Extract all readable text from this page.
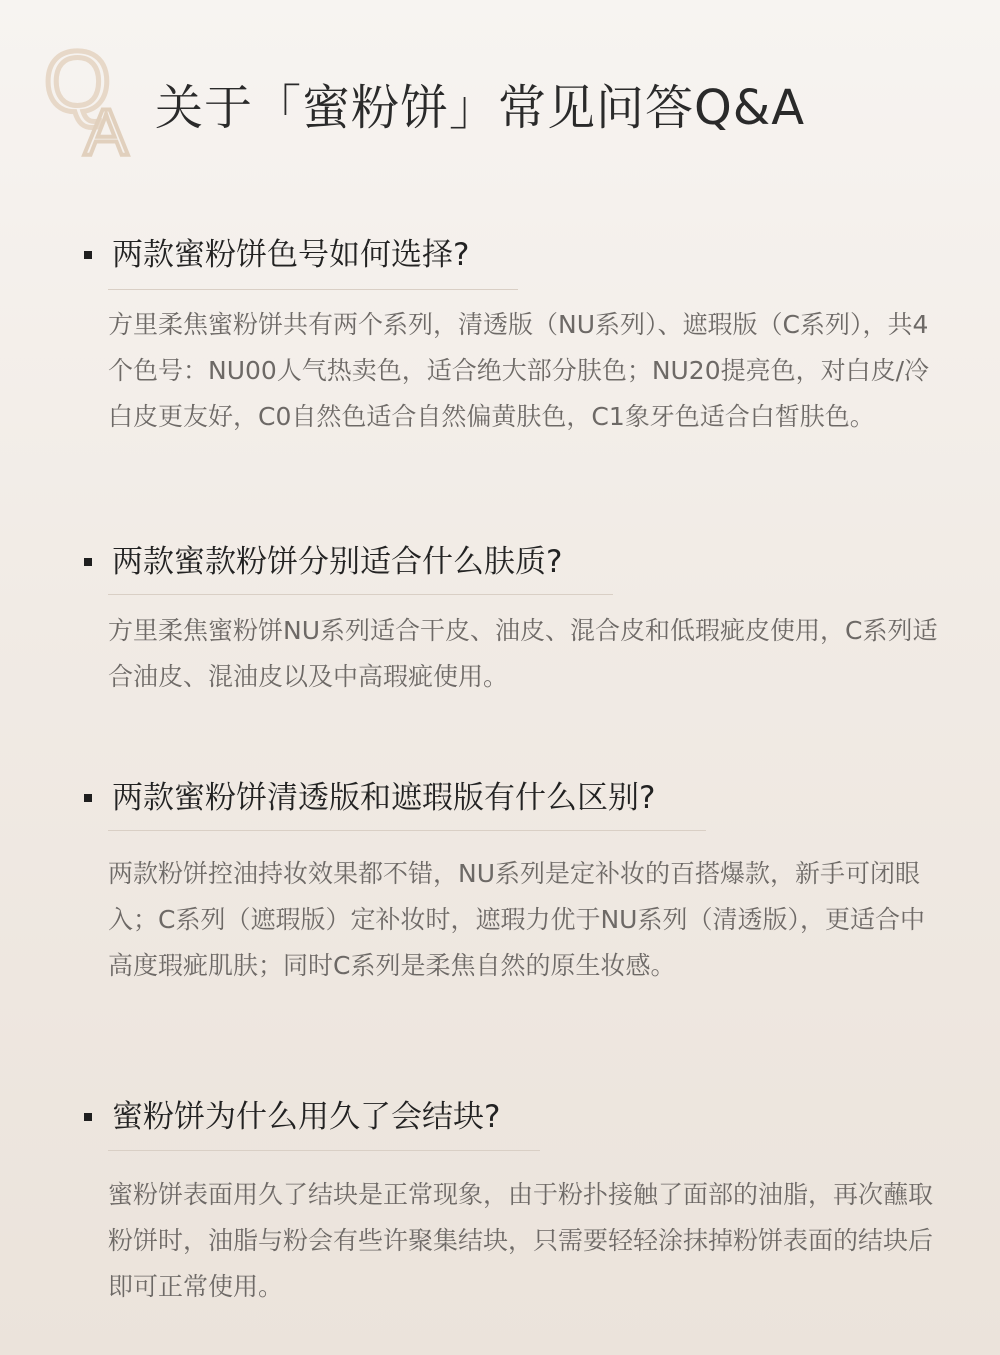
Q
A 关于「蜜粉饼」常见问答Q&A
两款蜜粉饼色号如何选择?

方里柔焦蜜粉饼共有两个系列，清透版（NU系列）、遮瑕版（C系列），共4个色号：NU00人气热卖色，适合绝大部分肤色；NU20提亮色，对白皮/冷白皮更友好，C0自然色适合自然偏黄肤色，C1象牙色适合白皙肤色。

两款蜜款粉饼分别适合什么肤质?

方里柔焦蜜粉饼NU系列适合干皮、油皮、混合皮和低瑕疵皮使用，C系列适合油皮、混油皮以及中高瑕疵使用。

两款蜜粉饼清透版和遮瑕版有什么区别?

两款粉饼控油持妆效果都不错，NU系列是定补妆的百搭爆款，新手可闭眼入；C系列（遮瑕版）定补妆时，遮瑕力优于NU系列（清透版），更适合中高度瑕疵肌肤；同时C系列是柔焦自然的原生妆感。

蜜粉饼为什么用久了会结块?

蜜粉饼表面用久了结块是正常现象，由于粉扑接触了面部的油脂，再次蘸取粉饼时，油脂与粉会有些许聚集结块，只需要轻轻涂抹掉粉饼表面的结块后即可正常使用。
